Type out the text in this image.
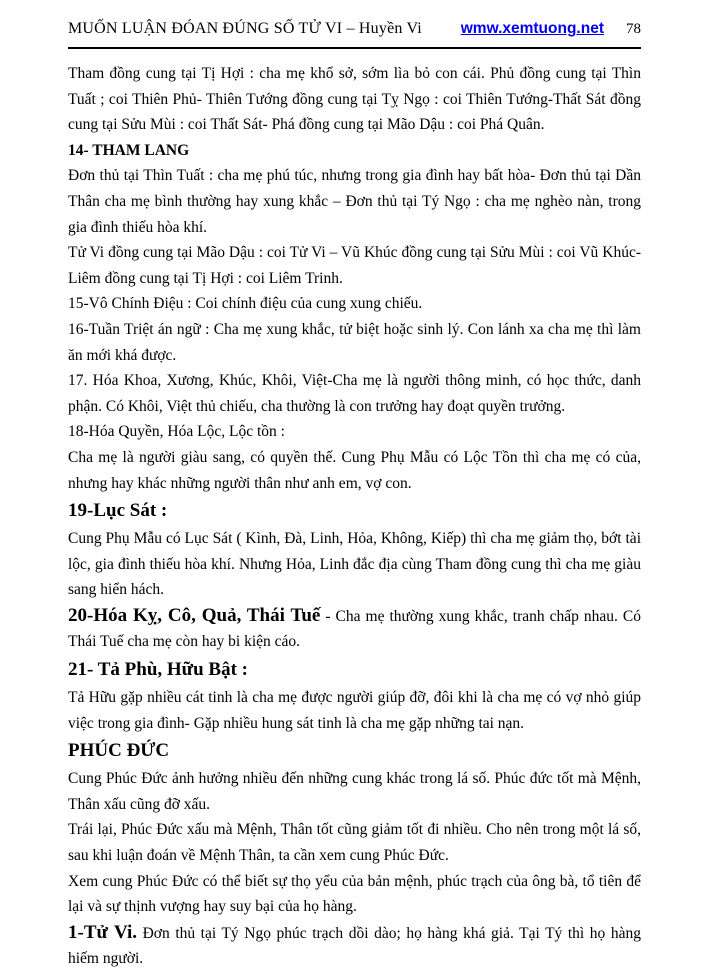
MUỐN LUẬN ĐÓAN ĐÚNG SỐ TỬ VI – Huyền Vi	wmw.xemtuong.net 78

Tham đồng cung tại Tị Hợi : cha mẹ khổ sở, sớm lìa bỏ con cái. Phủ đồng cung tại Thìn Tuất ; coi Thiên Phủ- Thiên Tướng đồng cung tại Tỵ Ngọ : coi Thiên Tướng-Thất Sát đồng cung tại Sửu Mùi : coi Thất Sát- Phá đồng cung tại Mão Dậu : coi Phá Quân.

14- THAM LANG

Đơn thủ tại Thìn Tuất : cha mẹ phú túc, nhưng trong gia đình hay bất hòa- Đơn thủ tại Dần Thân cha mẹ bình thường hay xung khắc – Đơn thủ tại Tý Ngọ : cha mẹ nghèo nàn, trong gia đình thiếu hòa khí.

Tử Vi đồng cung tại Mão Dậu : coi Tử Vi – Vũ Khúc đồng cung tại Sửu Mùi : coi Vũ Khúc-Liêm đồng cung tại Tị Hợi : coi Liêm Trinh.

15-Vô Chính Điệu : Coi chính điệu của cung xung chiếu.

16-Tuần Triệt án ngữ : Cha mẹ xung khắc, tử biệt hoặc sinh lý. Con lánh xa cha mẹ thì làm ăn mới khá được.

17. Hóa Khoa, Xương, Khúc, Khôi, Việt-Cha mẹ là người thông minh, có học thức, danh phận. Có Khôi, Việt thủ chiếu, cha thường là con trưởng hay đoạt quyền trưởng.

18-Hóa Quyền, Hóa Lộc, Lộc tồn :

Cha mẹ là người giàu sang, có quyền thế. Cung Phụ Mẫu có Lộc Tồn thì cha mẹ có của, nhưng hay khác những người thân như anh em, vợ con.

19-Lục Sát :

Cung Phụ Mẫu có Lục Sát ( Kình, Đà, Linh, Hỏa, Không, Kiếp) thì cha mẹ giảm thọ, bớt tài lộc, gia đình thiếu hòa khí. Nhưng Hỏa, Linh đắc địa cùng Tham đồng cung thì cha mẹ giàu sang hiển hách.

20-Hóa Kỵ, Cô, Quả, Thái Tuế - Cha mẹ thường xung khắc, tranh chấp nhau. Có Thái Tuế cha mẹ còn hay bi kiện cáo.

21- Tả Phù, Hữu Bật :

Tả Hữu gặp nhiều cát tinh là cha mẹ được người giúp đỡ, đôi khi là cha mẹ có vợ nhỏ giúp việc trong gia đình- Gặp nhiều hung sát tinh là cha mẹ gặp những tai nạn.

PHÚC ĐỨC

Cung Phúc Đức ảnh hưởng nhiều đến những cung khác trong lá số. Phúc đức tốt mà Mệnh, Thân xấu cũng đỡ xấu.

Trái lại, Phúc Đức xấu mà Mệnh, Thân tốt cũng giảm tốt đi nhiều. Cho nên trong một lá số, sau khi luận đoán về Mệnh Thân, ta cần xem cung Phúc Đức.

Xem cung Phúc Đức có thể biết sự thọ yểu của bản mệnh, phúc trạch của ông bà, tổ tiên để lại và sự thịnh vượng hay suy bại của họ hàng.

1-Tử Vi. Đơn thủ tại Tý Ngọ phúc trạch dồi dào; họ hàng khá giả. Tại Tý thì họ hàng hiếm người.
